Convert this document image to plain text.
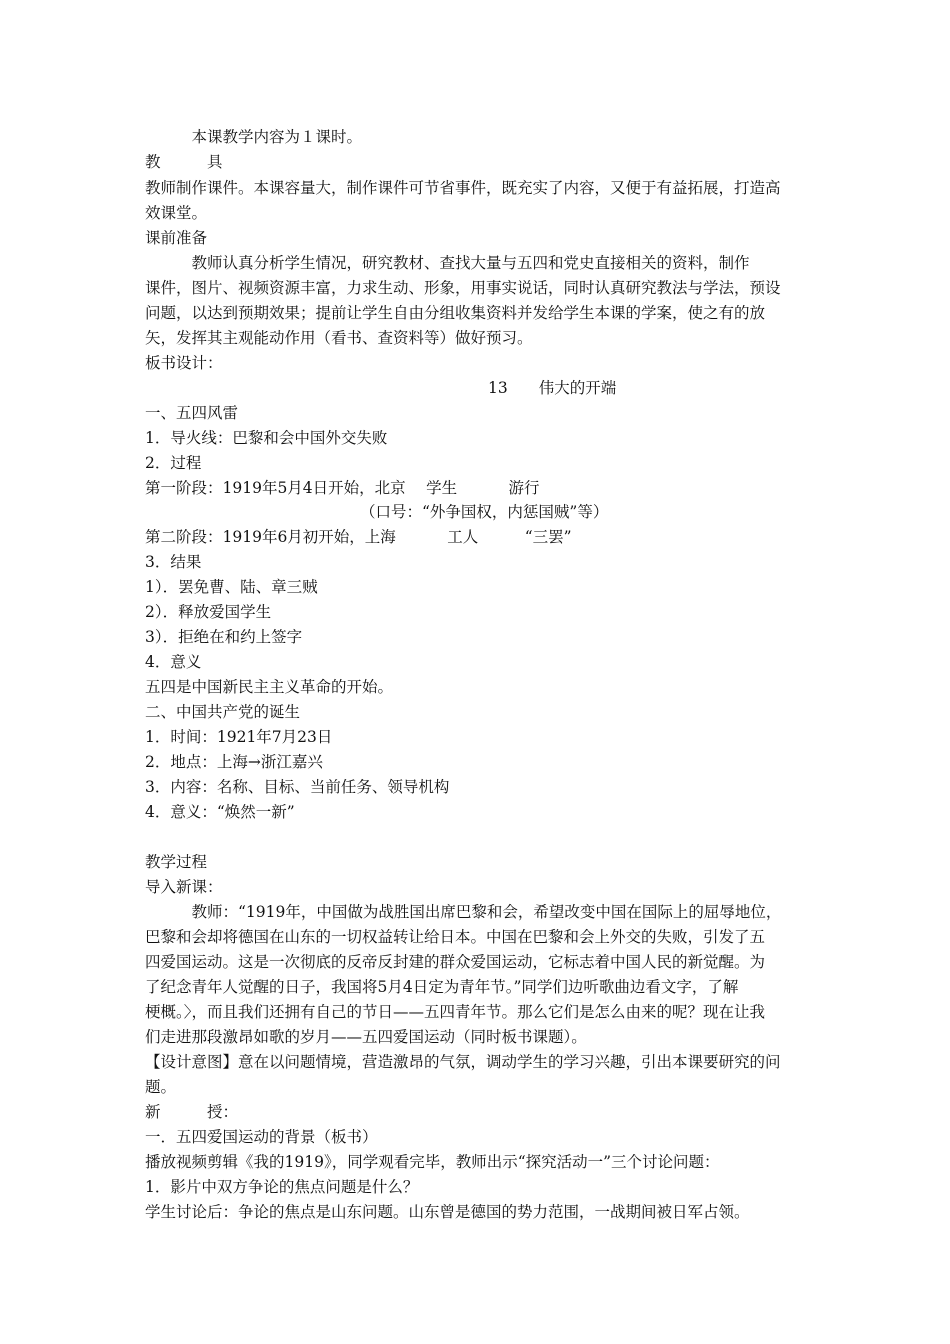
　　　本课教学内容为１课时。
教　　　具
教师制作课件。本课容量大，制作课件可节省事件，既充实了内容，又便于有益拓展，打造高
效课堂。
课前准备
　　　教师认真分析学生情况，研究教材、查找大量与五四和党史直接相关的资料，制作
课件，图片、视频资源丰富，力求生动、形象，用事实说话，同时认真研究教法与学法，预设
问题，以达到预期效果；提前让学生自由分组收集资料并发给学生本课的学案，使之有的放
矢，发挥其主观能动作用（看书、查资料等）做好预习。
板书设计：
13　　伟大的开端
一、五四风雷
1．导火线：巴黎和会中国外交失败
2．过程
第一阶段：1919年5月4日开始，北京　 学生　　　 游行
（口号：“外争国权，内惩国贼”等）
第二阶段：1919年6月初开始，上海　　　 工人　　　“三罢”
3．结果
1）．罢免曹、陆、章三贼
2）．释放爱国学生
3）．拒绝在和约上签字
4．意义
五四是中国新民主主义革命的开始。
二、中国共产党的诞生
1．时间：1921年7月23日
2．地点：上海→浙江嘉兴
3．内容：名称、目标、当前任务、领导机构
4．意义：“焕然一新”
教学过程
导入新课：
　　　教师：“1919年，中国做为战胜国出席巴黎和会，希望改变中国在国际上的屈辱地位，
巴黎和会却将德国在山东的一切权益转让给日本。中国在巴黎和会上外交的失败，引发了五
四爱国运动。这是一次彻底的反帝反封建的群众爱国运动，它标志着中国人民的新觉醒。为
了纪念青年人觉醒的日子，我国将5月4日定为青年节。”同学们边听歌曲边看文字，了解
梗概。〉，而且我们还拥有自己的节日——五四青年节。那么它们是怎么由来的呢？现在让我
们走进那段激昂如歌的岁月——五四爱国运动（同时板书课题）。
【设计意图】意在以问题情境，营造激昂的气氛，调动学生的学习兴趣，引出本课要研究的问
题。
新　　　授：
一．五四爱国运动的背景（板书）
播放视频剪辑《我的1919》，同学观看完毕，教师出示“探究活动一”三个讨论问题：
1．影片中双方争论的焦点问题是什么？
学生讨论后：争论的焦点是山东问题。山东曾是德国的势力范围，一战期间被日军占领。
